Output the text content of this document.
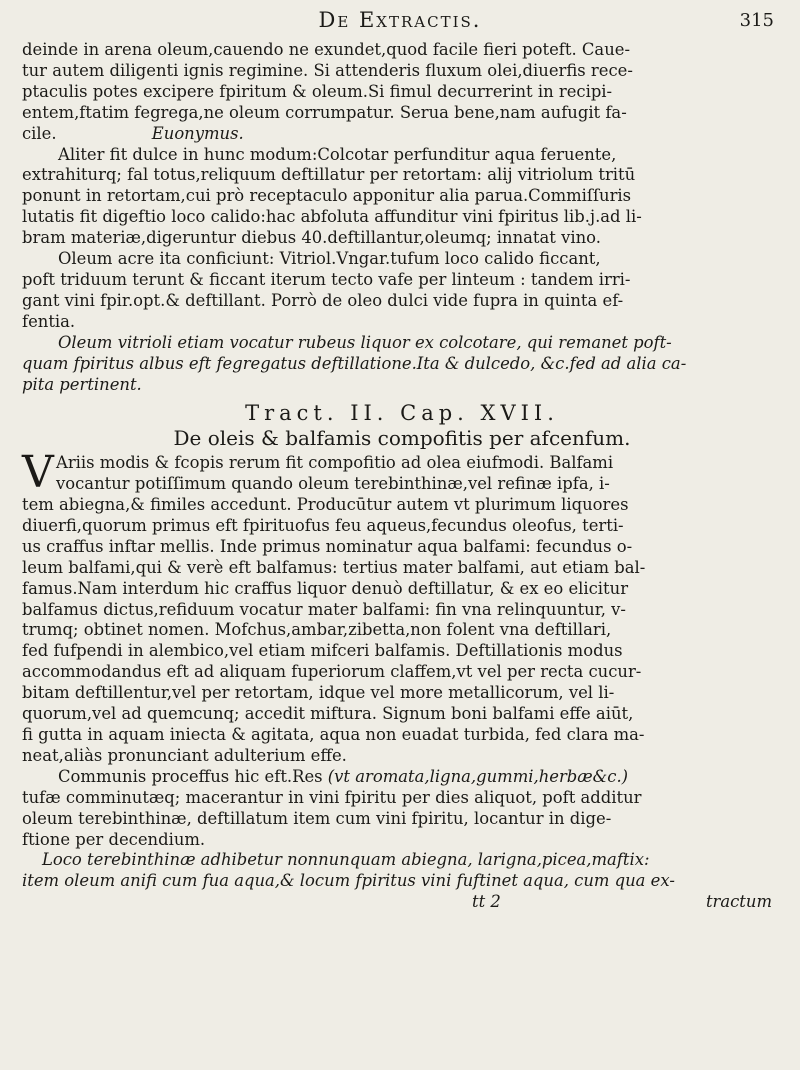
De Extractis.	315
deinde in arena oleum,cauendo ne exundet,quod facile fieri poteft. Caue-
tur autem diligenti ignis regimine. Si attenderis fluxum olei,diuerfis rece-
ptaculis potes excipere fpiritum & oleum.Si fimul decurrerint in recipi-
entem,ftatim fegrega,ne oleum corrumpatur. Serua bene,nam aufugit fa-
cile.	Euonymus.
Aliter fit dulce in hunc modum:Colcotar perfunditur aqua feruente,
extrahiturq; fal totus,reliquum deftillatur per retortam: alij vitriolum tritū
ponunt in retortam,cui prò receptaculo apponitur alia parua.Commiſſuris
lutatis fit digeftio loco calido:hac abfoluta affunditur vini fpiritus lib.j.ad li-
bram materiæ,digeruntur diebus 40.deftillantur,oleumq; innatat vino.
Oleum acre ita conficiunt: Vitriol.Vngar.tufum loco calido ficcant,
poft triduum terunt & ficcant iterum tecto vafe per linteum : tandem irri-
gant vini fpir.opt.& deftillant. Porrò de oleo dulci vide fupra in quinta ef-
fentia.
Oleum vitrioli etiam vocatur rubeus liquor ex colcotare, qui remanet poft-
quam fpiritus albus eft fegregatus deftillatione.Ita & dulcedo, &c.fed ad alia ca-
pita pertinent.
Tract. II. Cap. XVII.
De oleis & balfamis compofitis per afcenfum.
V Ariis modis & fcopis rerum fit compofitio ad olea eiufmodi. Balfami
vocantur potiſſimum quando oleum terebinthinæ,vel refinæ ipfa, i-
tem abiegna,& fimiles accedunt. Producūtur autem vt plurimum liquores
diuerfi,quorum primus eft fpirituofus feu aqueus,fecundus oleofus, terti-
us craffus inftar mellis. Inde primus nominatur aqua balfami: fecundus o-
leum balfami,qui & verè eft balfamus: tertius mater balfami, aut etiam bal-
famus.Nam interdum hic craffus liquor denuò deftillatur, & ex eo elicitur
balfamus dictus,refiduum vocatur mater balfami: fin vna relinquuntur, v-
trumq; obtinet nomen. Mofchus,ambar,zibetta,non folent vna deftillari,
fed fufpendi in alembico,vel etiam mifceri balfamis. Deftillationis modus
accommodandus eft ad aliquam fuperiorum claffem,vt vel per recta cucur-
bitam deftillentur,vel per retortam, idque vel more metallicorum, vel li-
quorum,vel ad quemcunq; accedit miftura. Signum boni balfami effe aiūt,
fi gutta in aquam iniecta & agitata, aqua non euadat turbida, fed clara ma-
neat,aliàs pronunciant adulterium effe.
Communis proceffus hic eft.Res (vt aromata,ligna,gummi,herbæ&c.)
tufæ comminutæq; macerantur in vini fpiritu per dies aliquot, poft additur
oleum terebinthinæ, deftillatum item cum vini fpiritu, locantur in dige-
ftione per decendium.
Loco terebinthinæ adhibetur nonnunquam abiegna, larigna,picea,maftix:
item oleum anifi cum fua aqua,& locum fpiritus vini fuftinet aqua, cum qua ex-
tt 2	tractum
